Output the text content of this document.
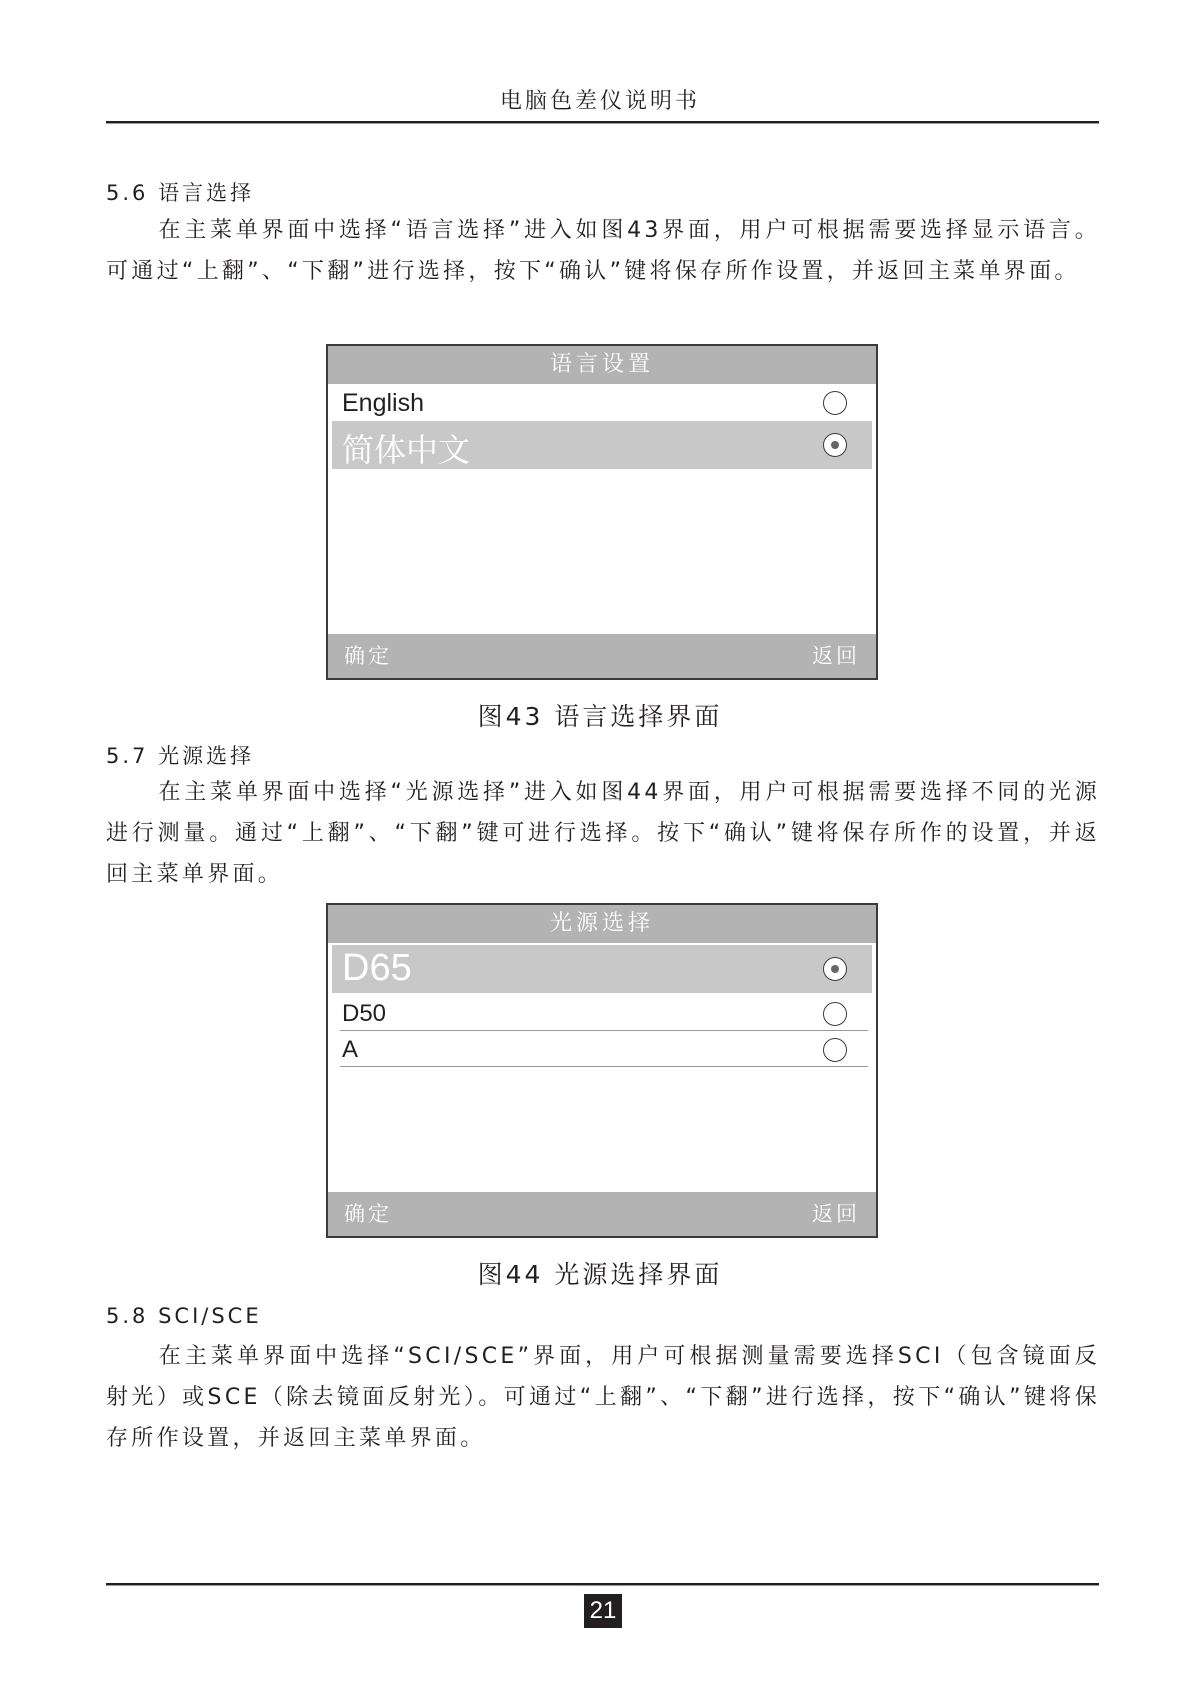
电脑色差仪说明书
5.6 语言选择
在主菜单界面中选择“语言选择”进入如图43界面，用户可根据需要选择显示语言。可通过“上翻”、“下翻”进行选择，按下“确认”键将保存所作设置，并返回主菜单界面。
语言设置
English
简体中文
确定	返回
图43 语言选择界面
5.7 光源选择
在主菜单界面中选择“光源选择”进入如图44界面，用户可根据需要选择不同的光源进行测量。通过“上翻”、“下翻”键可进行选择。按下“确认”键将保存所作的设置，并返回主菜单界面。
光源选择
D65
D50
A
确定	返回
图44 光源选择界面
5.8 SCI/SCE
在主菜单界面中选择“SCI/SCE”界面，用户可根据测量需要选择SCI（包含镜面反射光）或SCE（除去镜面反射光）。可通过“上翻”、“下翻”进行选择，按下“确认”键将保存所作设置，并返回主菜单界面。
21
